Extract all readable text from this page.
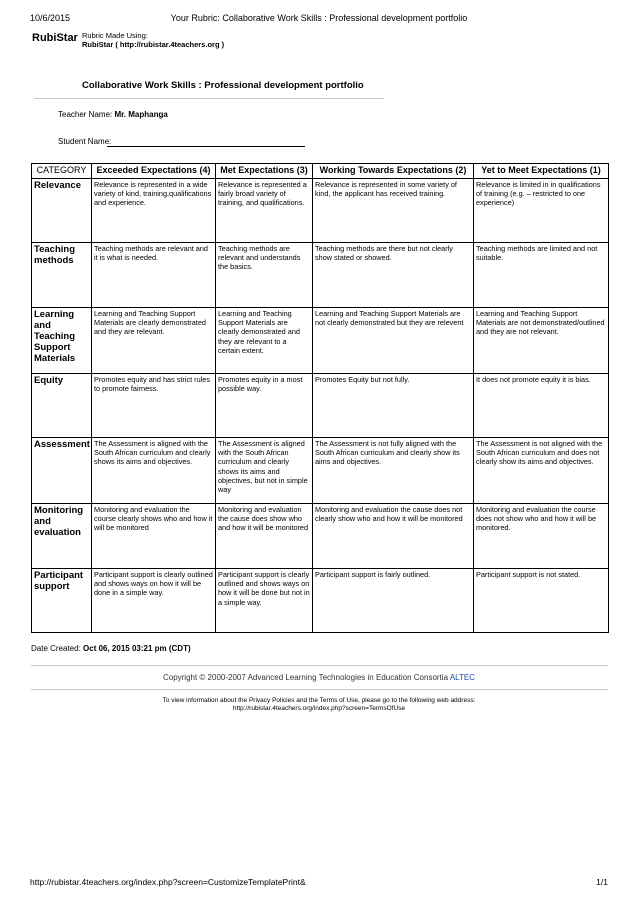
10/6/2015	Your Rubric: Collaborative Work Skills : Professional development portfolio
RubiStar Rubric Made Using:
RubiStar ( http://rubistar.4teachers.org )
Collaborative Work Skills : Professional development portfolio
Teacher Name: Mr. Maphanga
Student Name:
CATEGORY	Exceeded Expectations (4)	Met Expectations (3)	Working Towards Expectations (2)	Yet to Meet Expectations (1)
Relevance	Relevance is represented in a wide variety of kind, training,qualifications and experience.	Relevance is represented a fairly broad variety of training, and qualifications.	Relevance is represented in some variety of kind, the applicant has received training.	Relevance is limited in in qualifications of training (e.g. – restricted to one experience)
Teaching methods	Teaching methods are relevant and it is what is needed.	Teaching methods are relevant and understands the basics.	Teaching methods are there but not clearly show stated or showed.	Teaching methods are limited and not suitable.
Learning and Teaching Support Materials	Learning and Teaching Support Materials are clearly demonstrated and they are relevant.	Learning and Teaching Support Materials are clearly demonstrated and they are relevant to a certain extent.	Learning and Teaching Support Materials are not clearly demonstrated but they are relevent	Learning and Teaching Support Materials are not demonstrated/outlined and they are not relevant.
Equity	Promotes equity and has strict rules to promote fairness.	Promotes equity in a most possible way.	Promotes Equity but not fully.	It does not promote equity it is bias.
Assessment	The Assessment is aligned with the South African curriculum and clearly shows its aims and objectives.	The Assessment is aligned with the South African curriculum and clearly shows its aims and objectives, but not in simple way	The Assessment is not fully aligned with the South African curriculum and clearly show its aims and objectives.	The Assessment is not aligned with the South African curriculum and does not clearly show its aims and objectives.
Monitoring and evaluation	Monitoring and evaluation the course clearly shows who and how it will be monitored	Monitoring and evaluation the cause does show who and how it will be monitored	Monitoring and evaluation the cause does not clearly show who and how it will be monitored	Monitoring and evaluation the course does not show who and how it will be monitored.
Participant support	Participant support is clearly outlined and shows ways on how it will be done in a simple way.	Participant support is clearly outlined and shows ways on how it will be done but not in a simple way.	Participant support is fairly outlined.	Participant support is not stated.
Date Created: Oct 06, 2015 03:21 pm (CDT)
Copyright © 2000-2007 Advanced Learning Technologies in Education Consortia ALTEC
To view information about the Privacy Policies and the Terms of Use, please go to the following web address:
http://rubistar.4teachers.org/index.php?screen=TermsOfUse
http://rubistar.4teachers.org/index.php?screen=CustomizeTemplatePrint&	1/1
